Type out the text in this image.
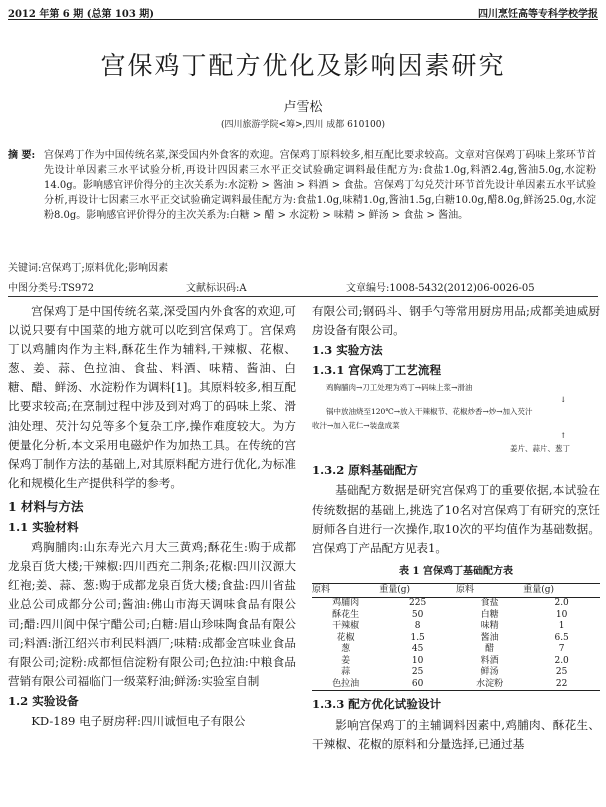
2012 年第 6 期 (总第 103 期)	四川烹饪高等专科学校学报
宫保鸡丁配方优化及影响因素研究
卢雪松
(四川旅游学院<筹>,四川 成都 610100)
摘 要: 宫保鸡丁作为中国传统名菜,深受国内外食客的欢迎。宫保鸡丁原料较多,相互配比要求较高。文章对宫保鸡丁码味上浆环节首先设计单因素三水平试验分析,再设计四因素三水平正交试验确定调料最佳配方为:食盐1.0g,料酒2.4g,酱油5.0g,水淀粉14.0g。影响感官评价得分的主次关系为:水淀粉 > 酱油 > 料酒 > 食盐。宫保鸡丁勾兑芡汁环节首先设计单因素五水平试验分析,再设计七因素三水平正交试验确定调料最佳配方为:食盐1.0g,味精1.0g,酱油1.5g,白糖10.0g,醋8.0g,鲜汤25.0g,水淀粉8.0g。影响感官评价得分的主次关系为:白糖 > 醋 > 水淀粉 > 味精 > 鲜汤 > 食盐 > 酱油。
关键词:宫保鸡丁;原料优化;影响因素
中图分类号:TS972	文献标识码:A	文章编号:1008-5432(2012)06-0026-05

宫保鸡丁是中国传统名菜,深受国内外食客的欢迎,可以说只要有中国菜的地方就可以吃到宫保鸡丁。宫保鸡丁以鸡脯肉作为主料,酥花生作为辅料,干辣椒、花椒、葱、姜、蒜、色拉油、食盐、料酒、味精、酱油、白糖、醋、鲜汤、水淀粉作为调料[1]。其原料较多,相互配比要求较高;在烹制过程中涉及到对鸡丁的码味上浆、滑油处理、芡汁勾兑等多个复杂工序,操作难度较大。为方便量化分析,本文采用电磁炉作为加热工具。在传统的宫保鸡丁制作方法的基础上,对其原料配方进行优化,为标准化和规模化生产提供科学的参考。

1 材料与方法
1.1 实验材料

鸡胸脯肉:山东寿光六月大三黄鸡;酥花生:购于成都龙泉百货大楼;干辣椒:四川西充二荆条;花椒:四川汉源大红袍;姜、蒜、葱:购于成都龙泉百货大楼;食盐:四川省盐业总公司成都分公司;酱油:佛山市海天调味食品有限公司;醋:四川阆中保宁醋公司;白糖:眉山珍味陶食品有限公司;料酒:浙江绍兴市利民料酒厂;味精:成都金宫味业食品有限公司;淀粉:成都恒信淀粉有限公司;色拉油:中粮食品营销有限公司福临门一级菜籽油;鲜汤:实验室自制

1.2 实验设备

KD-189 电子厨房秤:四川诚恒电子有限公

有限公司;钢码斗、钢手勺等常用厨房用品;成都美迪威厨房设备有限公司。
1.3 实验方法
1.3.1 宫保鸡丁工艺流程
鸡胸脯肉→刀工处理为鸡丁→码味上浆→滑油
↓
锅中放油烧至120℃→放入干辣椒节、花椒炒香→炒→加入芡汁
收汁→加入花仁→装盘成菜
↑
姜片、蒜片、葱丁
1.3.2 原料基础配方

基础配方数据是研究宫保鸡丁的重要依据,本试验在传统数据的基础上,挑选了10名对宫保鸡丁有研究的烹饪厨师各自进行一次操作,取10次的平均值作为基础数据。宫保鸡丁产品配方见表1。

表 1 宫保鸡丁基础配方表
原料	重量(g)	原料	重量(g)
鸡脯肉	225	食盐	2.0
酥花生	50	白糖	10
干辣椒	8	味精	1
花椒	1.5	酱油	6.5
葱	45	醋	7
姜	10	料酒	2.0
蒜	25	鲜汤	25
色拉油	60	水淀粉	22
1.3.3 配方优化试验设计

影响宫保鸡丁的主辅调料因素中,鸡脯肉、酥花生、干辣椒、花椒的原料和分量选择,已通过基
